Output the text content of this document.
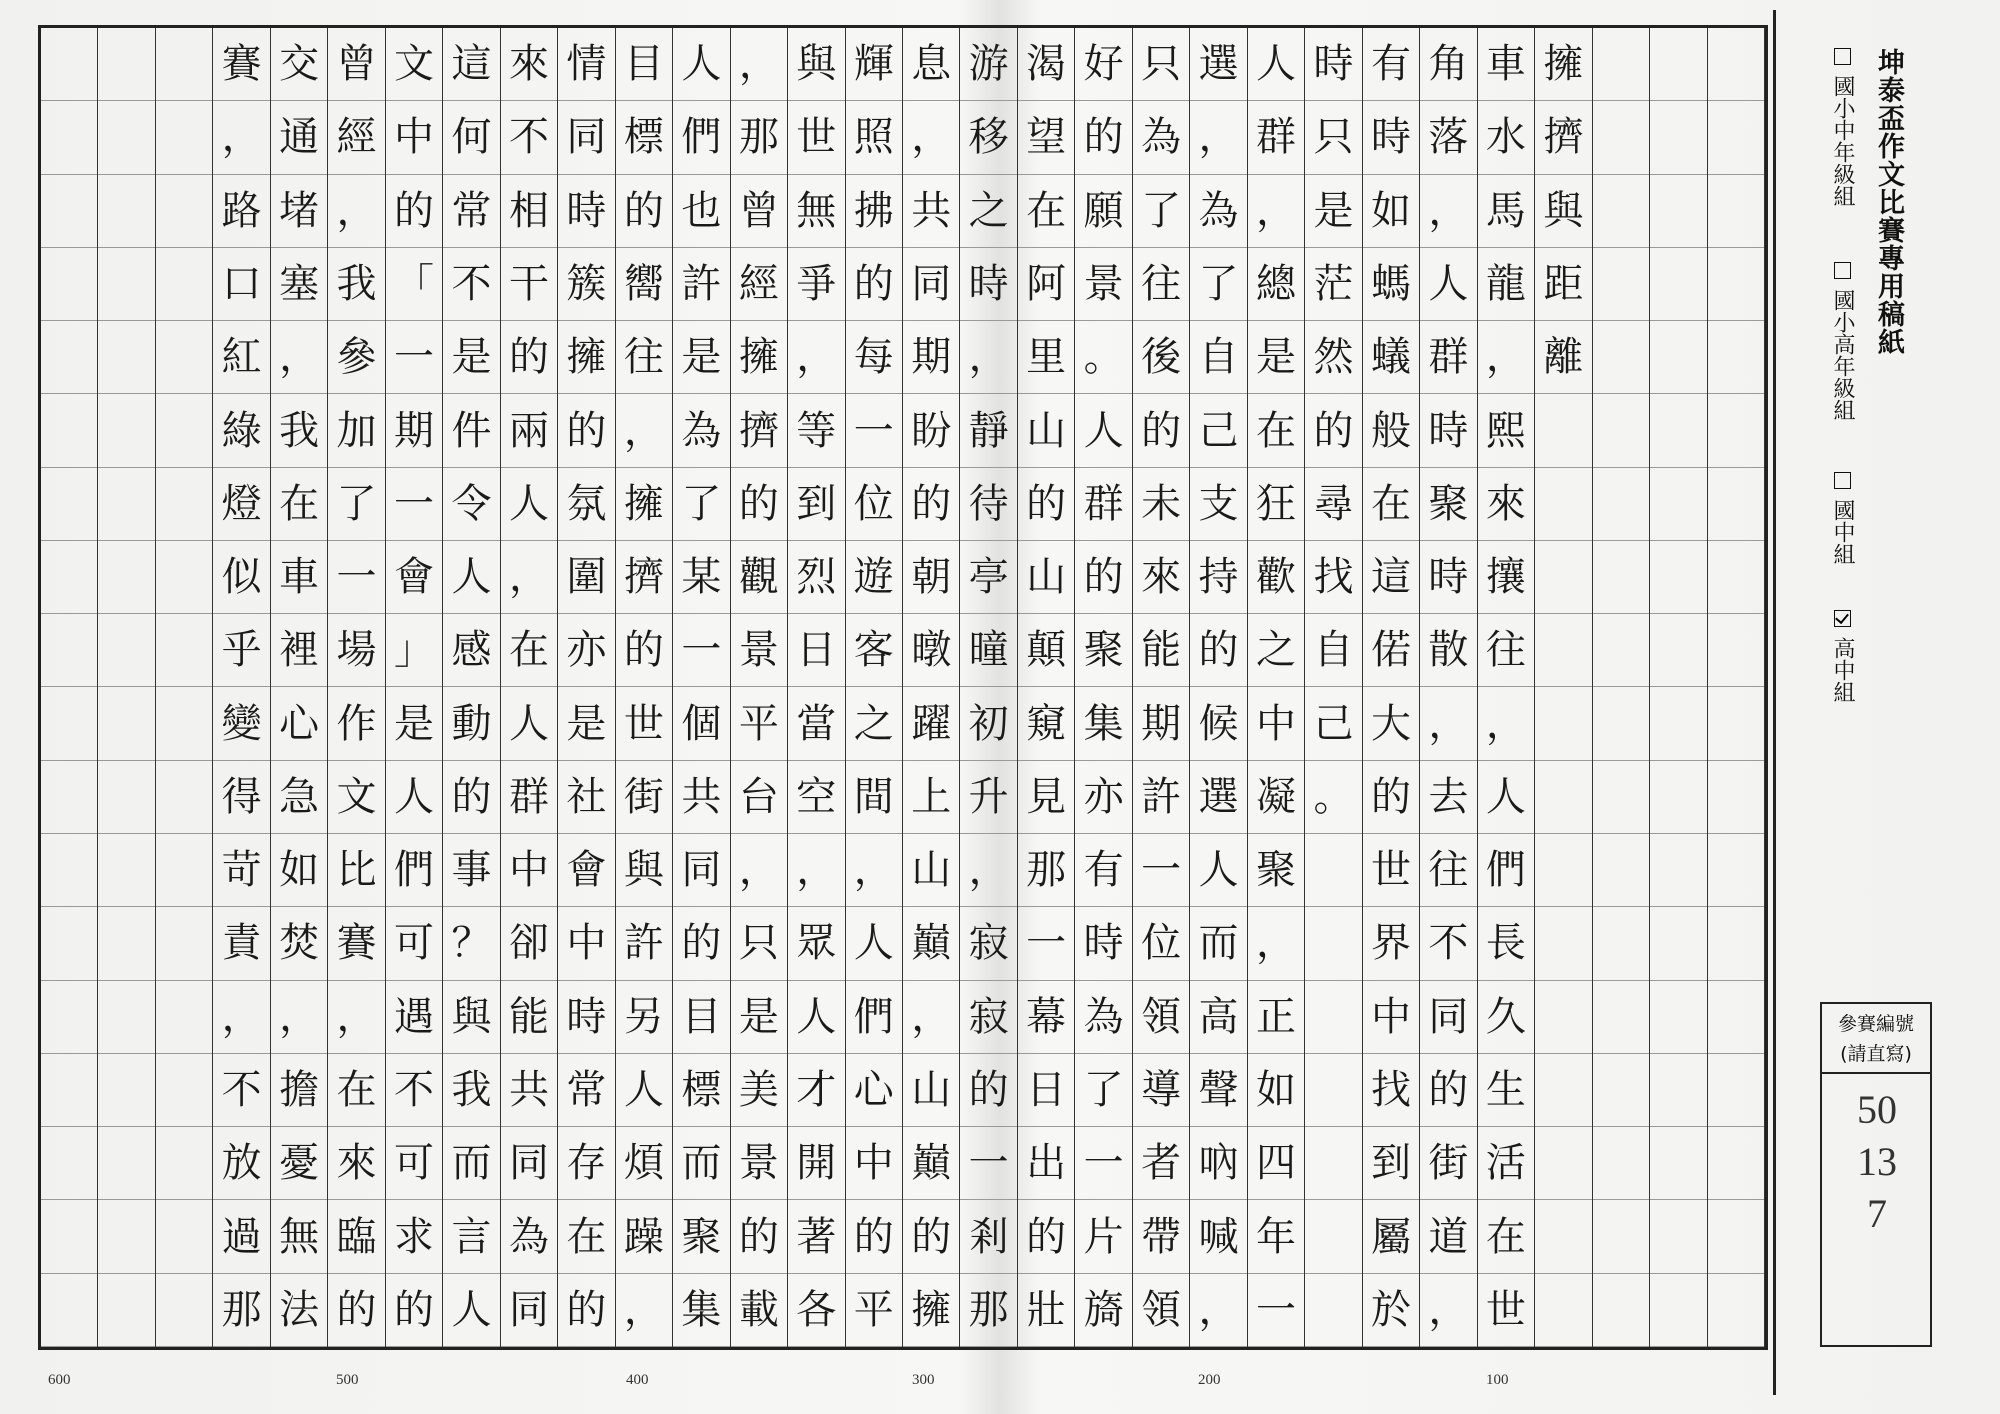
擁
擠
與
距
離
車
水
馬
龍
，
熙
來
攘
往
，
人
們
長
久
生
活
在
世
角
落
，
人
群
時
聚
時
散
，
去
往
不
同
的
街
道
，
有
時
如
螞
蟻
般
在
這
偌
大
的
世
界
中
找
到
屬
於
時
只
是
茫
然
的
尋
找
自
己
。
人
群
，
總
是
在
狂
歡
之
中
凝
聚
，
正
如
四
年
一
選
，
為
了
自
己
支
持
的
候
選
人
而
高
聲
吶
喊
，
只
為
了
往
後
的
未
來
能
期
許
一
位
領
導
者
帶
領
好
的
願
景
。
人
群
的
聚
集
亦
有
時
為
了
一
片
旖
渴
望
在
阿
里
山
的
山
顛
窺
見
那
一
幕
日
出
的
壯
游
移
之
時
，
靜
待
亭
曈
初
升
，
寂
寂
的
一
剎
那
息
，
共
同
期
盼
的
朝
暾
躍
上
山
巔
，
山
巔
的
擁
輝
照
拂
的
每
一
位
遊
客
之
間
，
人
們
心
中
的
平
與
世
無
爭
，
等
到
烈
日
當
空
，
眾
人
才
開
著
各
，
那
曾
經
擁
擠
的
觀
景
平
台
，
只
是
美
景
的
載
人
們
也
許
是
為
了
某
一
個
共
同
的
目
標
而
聚
集
目
標
的
嚮
往
，
擁
擠
的
世
街
與
許
另
人
煩
躁
，
情
同
時
簇
擁
的
氛
圍
亦
是
社
會
中
時
常
存
在
的
來
不
相
干
的
兩
人
，
在
人
群
中
卻
能
共
同
為
同
這
何
常
不
是
件
令
人
感
動
的
事
？
與
我
而
言
人
文
中
的
「
一
期
一
會
」
是
人
們
可
遇
不
可
求
的
曾
經
，
我
參
加
了
一
場
作
文
比
賽
，
在
來
臨
的
交
通
堵
塞
，
我
在
車
裡
心
急
如
焚
，
擔
憂
無
法
賽
，
路
口
紅
綠
燈
似
乎
變
得
苛
責
，
不
放
過
那
600	500	400	300	200	100
坤泰盃作文比賽專用稿紙
國小中年級組
國小高年級組
國中組
高中組
參賽編號
(請直寫)
50137
